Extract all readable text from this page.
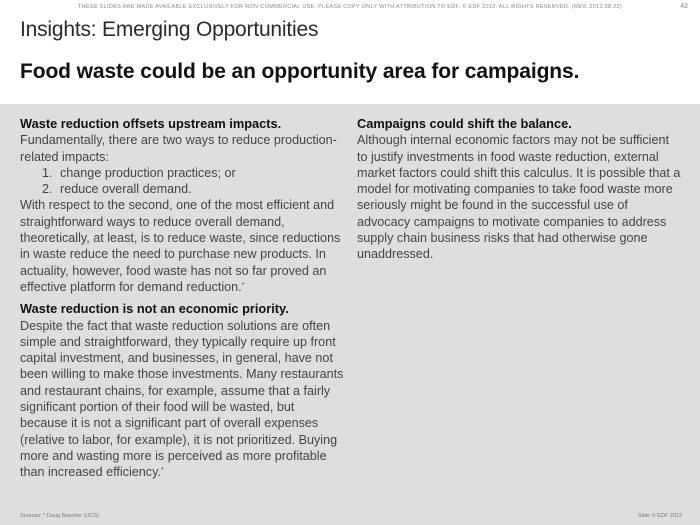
THESE SLIDES ARE MADE AVAILABLE EXCLUSIVELY FOR NON-COMMERCIAL USE. PLEASE COPY ONLY WITH ATTRIBUTION TO EDF. © EDF 2013. ALL RIGHTS RESERVED. (REV. 2013.08.22)	42
Insights: Emerging Opportunities
Food waste could be an opportunity area for campaigns.
Waste reduction offsets upstream impacts.

Fundamentally, there are two ways to reduce production-related impacts:

1. change production practices; or
2. reduce overall demand.

With respect to the second, one of the most efficient and straightforward ways to reduce overall demand, theoretically, at least, is to reduce waste, since reductions in waste reduce the need to purchase new products. In actuality, however, food waste has not so far proved an effective platform for demand reduction.*

Waste reduction is not an economic priority.

Despite the fact that waste reduction solutions are often simple and straightforward, they typically require up front capital investment, and businesses, in general, have not been willing to make those investments. Many restaurants and restaurant chains, for example, assume that a fairly significant portion of their food will be wasted, but because it is not a significant part of overall expenses (relative to labor, for example), it is not prioritized. Buying more and wasting more is perceived as more profitable than increased efficiency.*

Campaigns could shift the balance.

Although internal economic factors may not be sufficient to justify investments in food waste reduction, external market factors could shift this calculus. It is possible that a model for motivating companies to take food waste more seriously might be found in the successful use of advocacy campaigns to motivate companies to address supply chain business risks that had otherwise gone unaddressed.

Sources: * Doug Boucher (UCS)	Slide © EDF 2013
